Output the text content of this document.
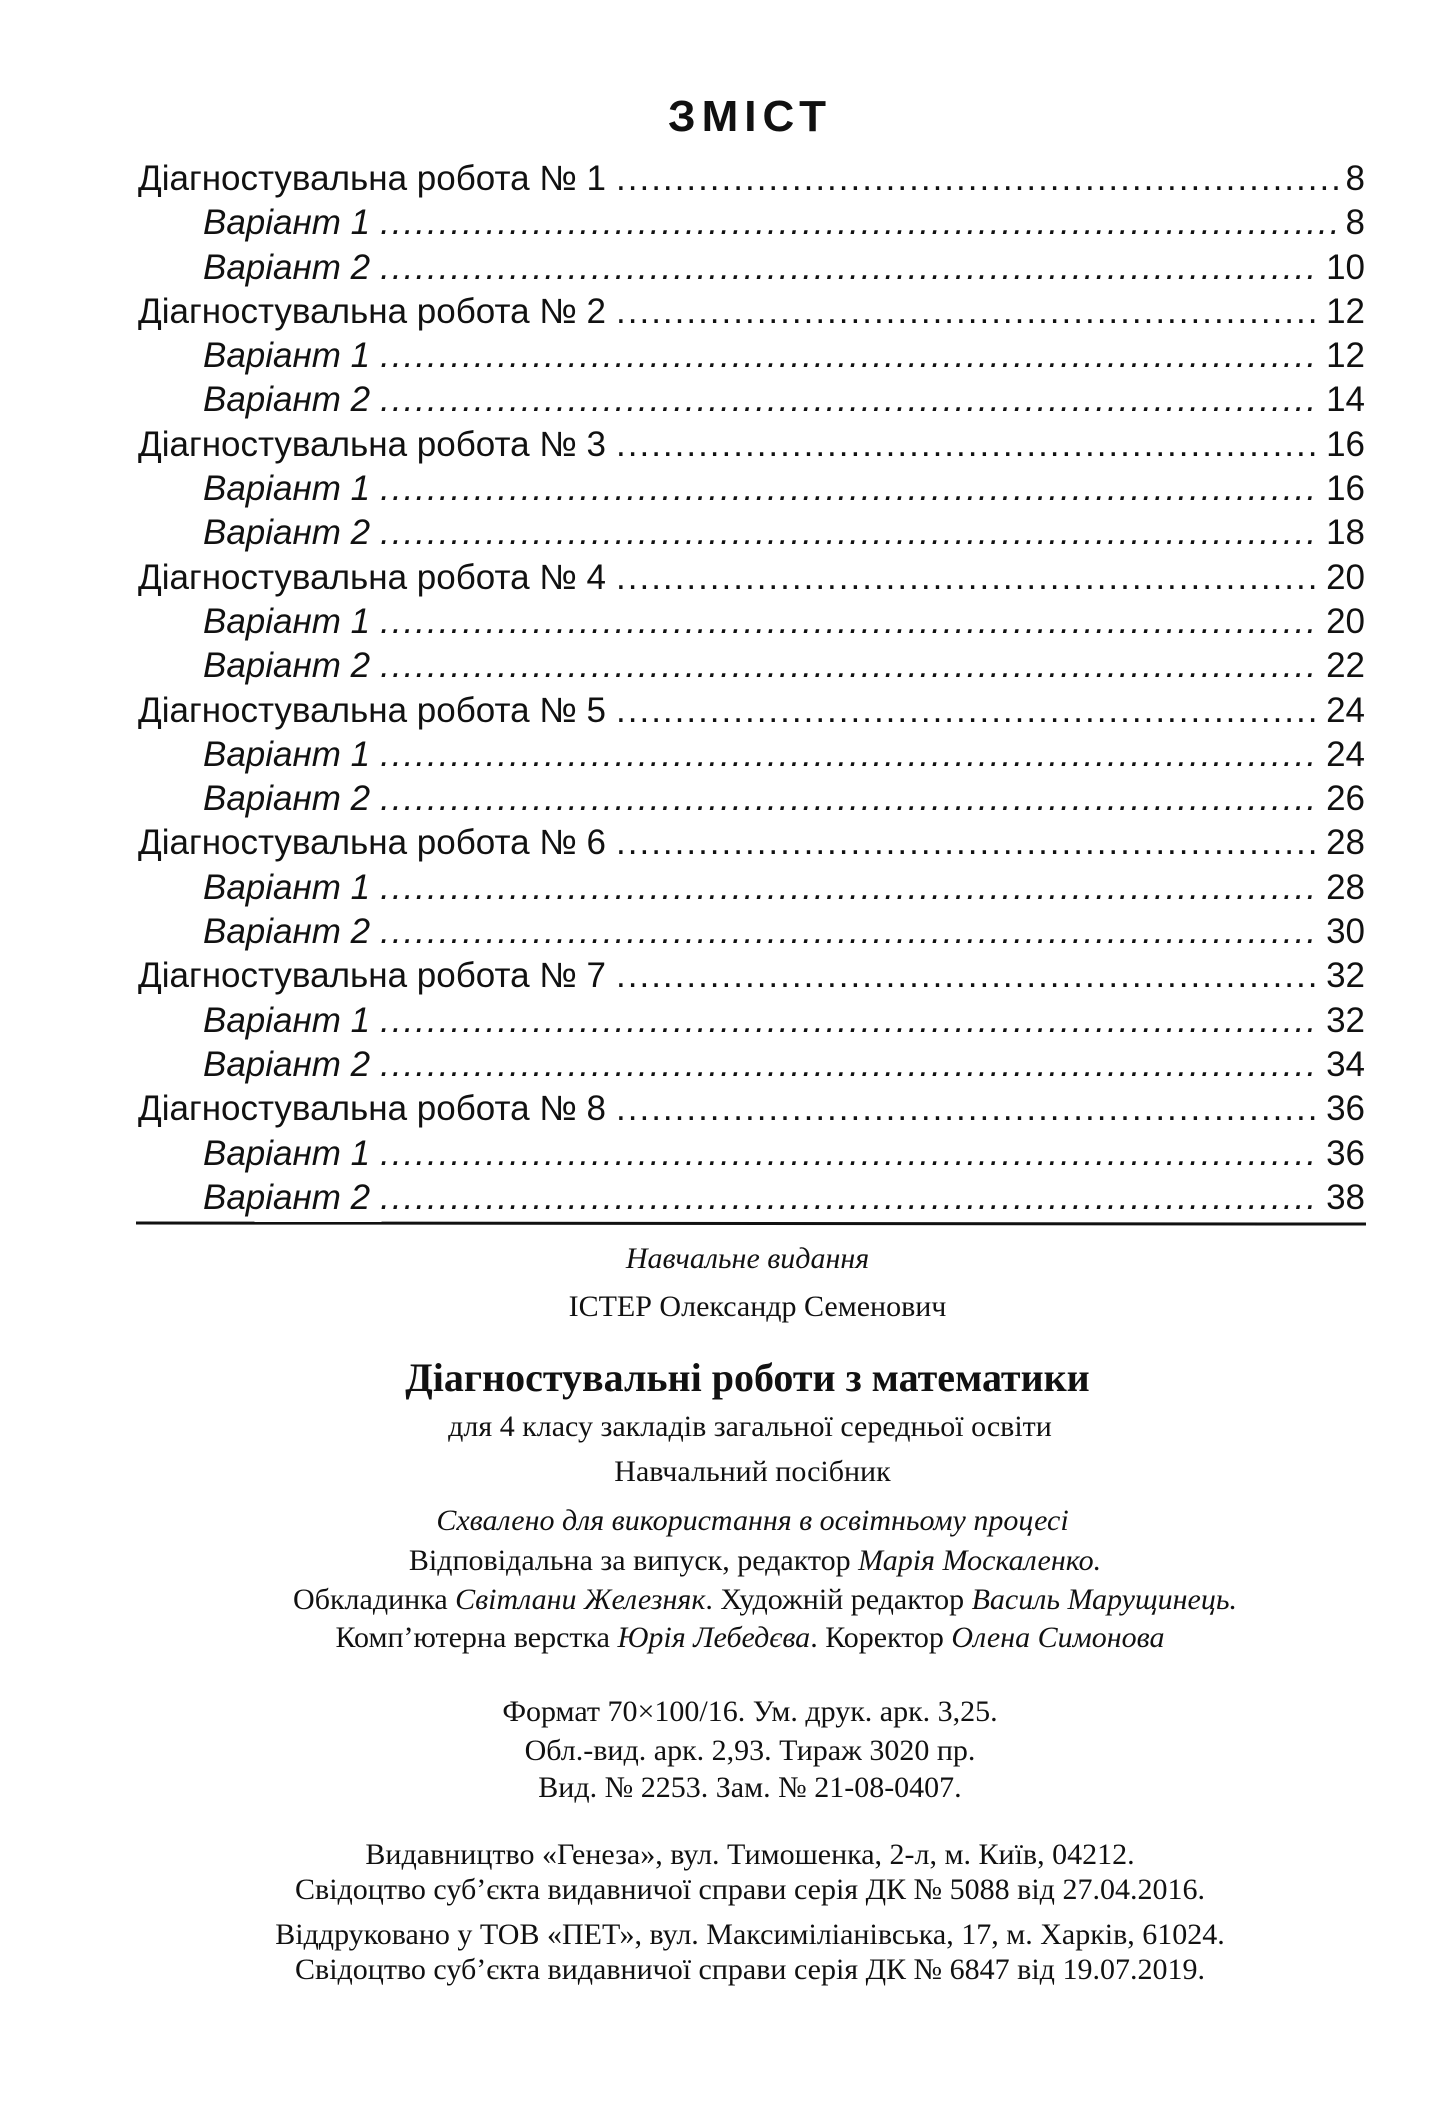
ЗМІСТ
Діагностувальна робота № 1 .....	8
Варіант 1 .....	8
Варіант 2 .....	10
Діагностувальна робота № 2 .....	12
Варіант 1 .....	12
Варіант 2 .....	14
Діагностувальна робота № 3 .....	16
Варіант 1 .....	16
Варіант 2 .....	18
Діагностувальна робота № 4 .....	20
Варіант 1 .....	20
Варіант 2 .....	22
Діагностувальна робота № 5 .....	24
Варіант 1 .....	24
Варіант 2 .....	26
Діагностувальна робота № 6 .....	28
Варіант 1 .....	28
Варіант 2 .....	30
Діагностувальна робота № 7 .....	32
Варіант 1 .....	32
Варіант 2 .....	34
Діагностувальна робота № 8 .....	36
Варіант 1 .....	36
Варіант 2 .....	38
Навчальне видання
ІСТЕР Олександр Семенович
Діагностувальні роботи з математики
для 4 класу закладів загальної середньої освіти
Навчальний посібник
Схвалено для використання в освітньому процесі
Відповідальна за випуск, редактор Марія Москаленко.
Обкладинка Світлани Железняк. Художній редактор Василь Марущинець.
Комп’ютерна верстка Юрія Лебедєва. Коректор Олена Симонова
Формат 70×100/16. Ум. друк. арк. 3,25.
Обл.-вид. арк. 2,93. Тираж 3020 пр.
Вид. № 2253. Зам. № 21-08-0407.
Видавництво «Генеза», вул. Тимошенка, 2-л, м. Київ, 04212.
Свідоцтво суб’єкта видавничої справи серія ДК № 5088 від 27.04.2016.
Віддруковано у ТОВ «ПЕТ», вул. Максиміліанівська, 17, м. Харків, 61024.
Свідоцтво суб’єкта видавничої справи серія ДК № 6847 від 19.07.2019.
